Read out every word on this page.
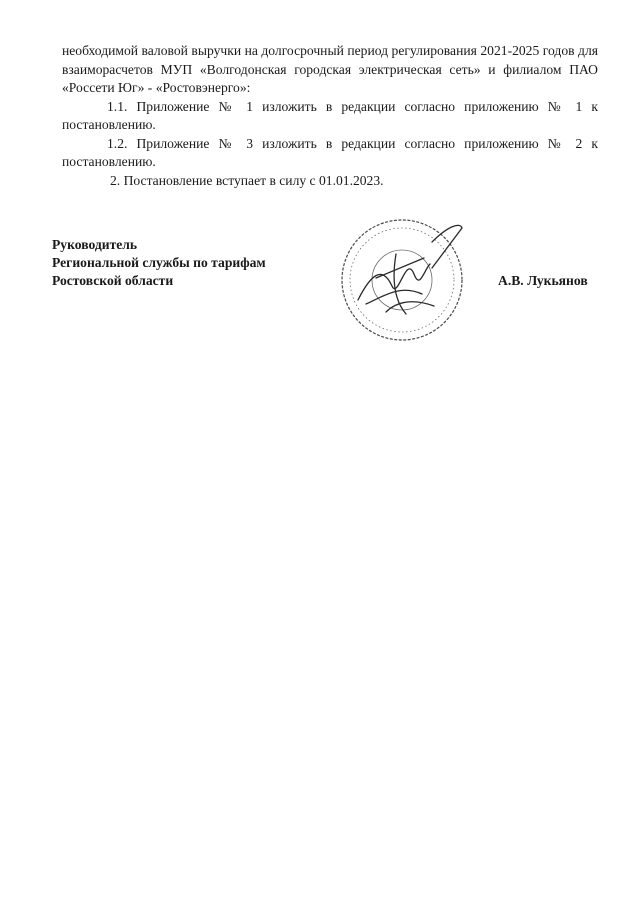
необходимой валовой выручки на долгосрочный период регулирования 2021-2025 годов для взаиморасчетов МУП «Волгодонская городская электрическая сеть» и филиалом ПАО «Россети Юг» - «Ростовэнерго»:

1.1. Приложение № 1 изложить в редакции согласно приложению № 1 к постановлению.

1.2. Приложение № 3 изложить в редакции согласно приложению № 2 к постановлению.

2. Постановление вступает в силу с 01.01.2023.

Руководитель
Региональной службы по тарифам
Ростовской области	А.В. Лукьянов
